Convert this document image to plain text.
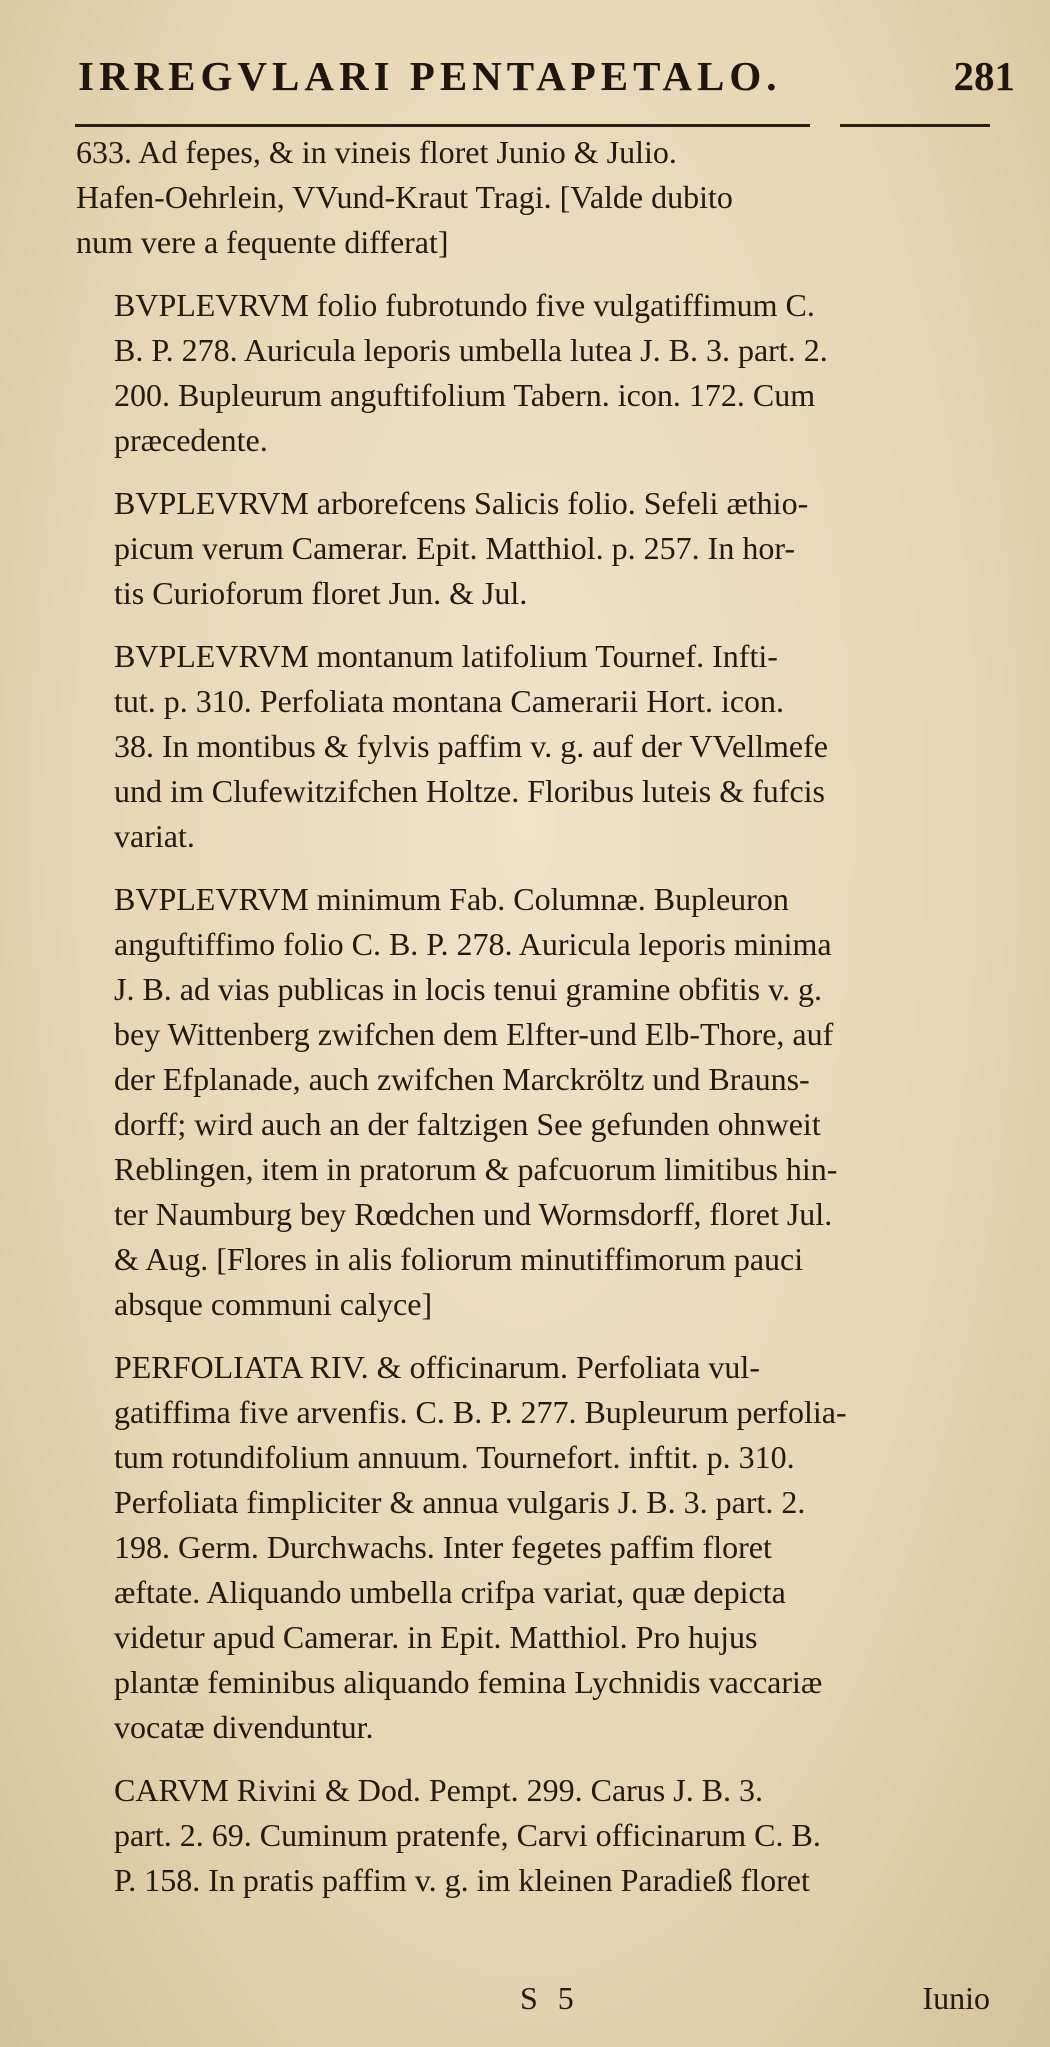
IRREGVLARI PENTAPETALO.	281
633. Ad fepes, & in vineis floret Junio & Julio.
Hafen-Oehrlein, VVund-Kraut Tragi. [Valde dubito
num vere a fequente differat]
BVPLEVRVM folio fubrotundo five vulgatiffimum C.
B. P. 278. Auricula leporis umbella lutea J. B. 3. part. 2.
200. Bupleurum anguftifolium Tabern. icon. 172. Cum
præcedente.
BVPLEVRVM arborefcens Salicis folio. Sefeli æthio-
picum verum Camerar. Epit. Matthiol. p. 257. In hor-
tis Curioforum floret Jun. & Jul.
BVPLEVRVM montanum latifolium Tournef. Infti-
tut. p. 310. Perfoliata montana Camerarii Hort. icon.
38. In montibus & fylvis paffim v. g. auf der VVellmefe
und im Clufewitzifchen Holtze. Floribus luteis & fufcis
variat.
BVPLEVRVM minimum Fab. Columnæ. Bupleuron
anguftiffimo folio C. B. P. 278. Auricula leporis minima
J. B. ad vias publicas in locis tenui gramine obfitis v. g.
bey Wittenberg zwifchen dem Elfter-und Elb-Thore, auf
der Efplanade, auch zwifchen Marckröltz und Brauns-
dorff; wird auch an der faltzigen See gefunden ohnweit
Reblingen, item in pratorum & pafcuorum limitibus hin-
ter Naumburg bey Rœdchen und Wormsdorff, floret Jul.
& Aug. [Flores in alis foliorum minutiffimorum pauci
absque communi calyce]
PERFOLIATA RIV. & officinarum. Perfoliata vul-
gatiffima five arvenfis. C. B. P. 277. Bupleurum perfolia-
tum rotundifolium annuum. Tournefort. inftit. p. 310.
Perfoliata fimpliciter & annua vulgaris J. B. 3. part. 2.
198. Germ. Durchwachs. Inter fegetes paffim floret
æftate. Aliquando umbella crifpa variat, quæ depicta
videtur apud Camerar. in Epit. Matthiol. Pro hujus
plantæ feminibus aliquando femina Lychnidis vaccariæ
vocatæ divenduntur.
CARVM Rivini & Dod. Pempt. 299. Carus J. B. 3.
part. 2. 69. Cuminum pratenfe, Carvi officinarum C. B.
P. 158. In pratis paffim v. g. im kleinen Paradieß floret
S 5	Iunio
